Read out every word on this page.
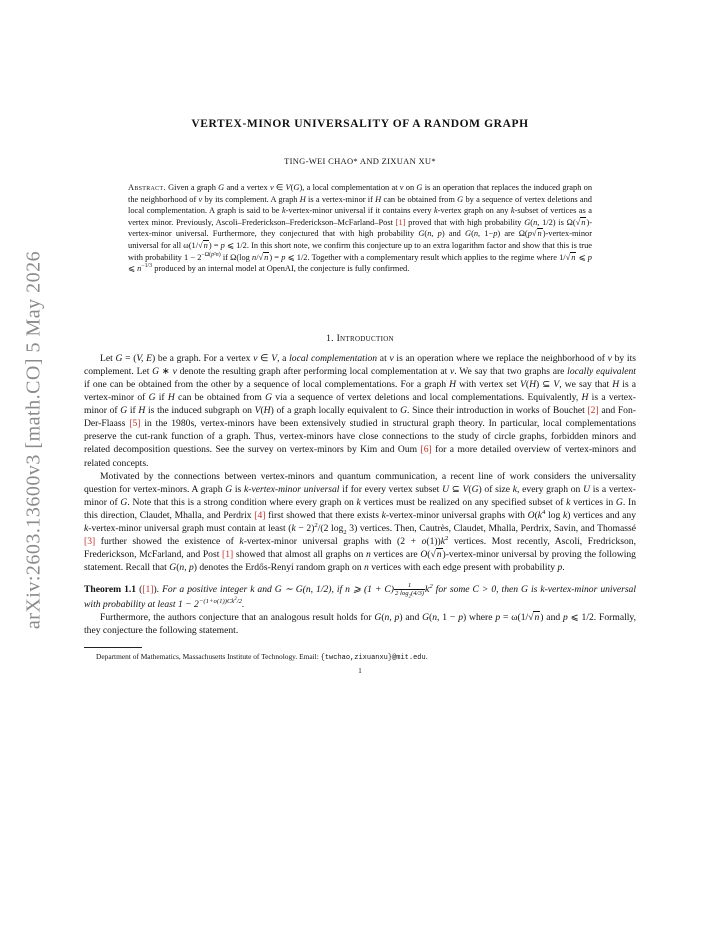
arXiv:2603.13600v3 [math.CO] 5 May 2026
VERTEX-MINOR UNIVERSALITY OF A RANDOM GRAPH
TING-WEI CHAO* AND ZIXUAN XU*
Abstract. Given a graph G and a vertex v ∈ V(G), a local complementation at v on G is an operation that replaces the induced graph on the neighborhood of v by its complement. A graph H is a vertex-minor if H can be obtained from G by a sequence of vertex deletions and local complementation. A graph is said to be k-vertex-minor universal if it contains every k-vertex graph on any k-subset of vertices as a vertex minor. Previously, Ascoli–Frederickson–Frederickson–McFarland–Post [1] proved that with high probability G(n, 1/2) is Ω(√n)-vertex-minor universal. Furthermore, they conjectured that with high probability G(n, p) and G(n, 1−p) are Ω(p√n)-vertex-minor universal for all ω(1/√n) = p ⩽ 1/2. In this short note, we confirm this conjecture up to an extra logarithm factor and show that this is true with probability $1 - 2^{-\Omega(p^2n)}$ if Ω(log n/√n) = p ⩽ 1/2. Together with a complementary result which applies to the regime where 1/√n ⩽ p ⩽ $n^{-1/3}$ produced by an internal model at OpenAI, the conjecture is fully confirmed.
1. Introduction

Let G = (V, E) be a graph. For a vertex v ∈ V, a local complementation at v is an operation where we replace the neighborhood of v by its complement. Let G ∗ v denote the resulting graph after performing local complementation at v. We say that two graphs are locally equivalent if one can be obtained from the other by a sequence of local complementations. For a graph H with vertex set V(H) ⊆ V, we say that H is a vertex-minor of G if H can be obtained from G via a sequence of vertex deletions and local complementations. Equivalently, H is a vertex-minor of G if H is the induced subgraph on V(H) of a graph locally equivalent to G. Since their introduction in works of Bouchet [2] and Fon-Der-Flaass [5] in the 1980s, vertex-minors have been extensively studied in structural graph theory. In particular, local complementations preserve the cut-rank function of a graph. Thus, vertex-minors have close connections to the study of circle graphs, forbidden minors and related decomposition questions. See the survey on vertex-minors by Kim and Oum [6] for a more detailed overview of vertex-minors and related concepts.

Motivated by the connections between vertex-minors and quantum communication, a recent line of work considers the universality question for vertex-minors. A graph G is k-vertex-minor universal if for every vertex subset U ⊆ V(G) of size k, every graph on U is a vertex-minor of G. Note that this is a strong condition where every graph on k vertices must be realized on any specified subset of k vertices in G. In this direction, Claudet, Mhalla, and Perdrix [4] first showed that there exists k-vertex-minor universal graphs with $O(k^4$ log k) vertices and any k-vertex-minor universal graph must contain at least $(k - 2)^2/(2$ $\log_2 3$) vertices. Then, Cautrès, Claudet, Mhalla, Perdrix, Savin, and Thomassé [3] further showed the existence of k-vertex-minor universal graphs with $(2 + o(1))k^2$ vertices. Most recently, Ascoli, Fredrickson, Frederickson, McFarland, and Post [1] showed that almost all graphs on n vertices are O(√n)-vertex-minor universal by proving the following statement. Recall that G(n, p) denotes the Erdős-Renyí random graph on n vertices with each edge present with probability p.

Theorem 1.1 ([1]). For a positive integer k and G ∼ G(n, 1/2), if n ⩾ $(1 + C) \frac{1}{2 \log_2(4/3)} k^2$ for some C > 0, then G is k-vertex-minor universal with probability at least $1 - 2^{-(1+o(1))Ck^2/2}$.

Furthermore, the authors conjecture that an analogous result holds for G(n, p) and G(n, 1 − p) where p = ω(1/√n) and p ⩽ 1/2. Formally, they conjecture the following statement.

Department of Mathematics, Massachusetts Institute of Technology. Email: {twchao,zixuanxu}@mit.edu.
1
